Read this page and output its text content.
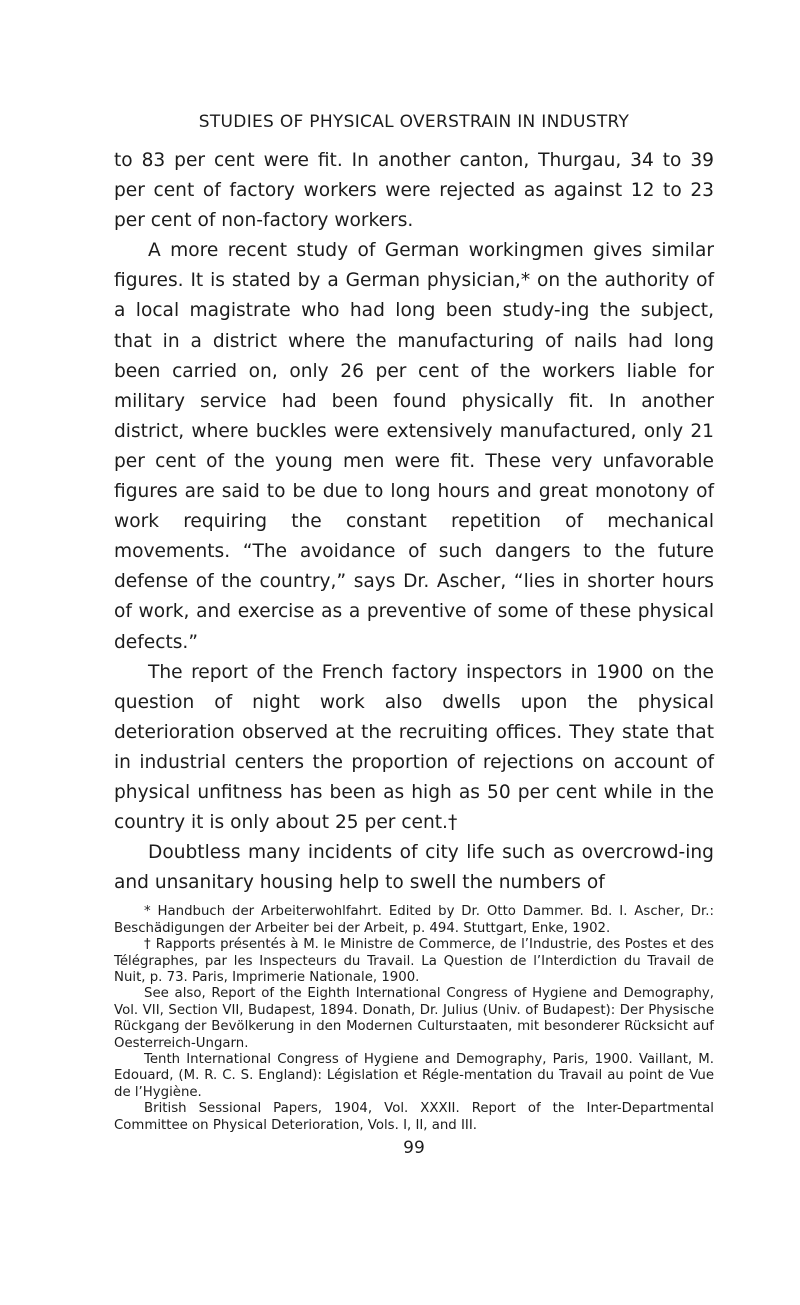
STUDIES OF PHYSICAL OVERSTRAIN IN INDUSTRY

to 83 per cent were fit. In another canton, Thurgau, 34 to 39 per cent of factory workers were rejected as against 12 to 23 per cent of non-factory workers.

A more recent study of German workingmen gives similar figures. It is stated by a German physician,* on the authority of a local magistrate who had long been study-ing the subject, that in a district where the manufacturing of nails had long been carried on, only 26 per cent of the workers liable for military service had been found physically fit. In another district, where buckles were extensively manufactured, only 21 per cent of the young men were fit. These very unfavorable figures are said to be due to long hours and great monotony of work requiring the constant repetition of mechanical movements. “The avoidance of such dangers to the future defense of the country,” says Dr. Ascher, “lies in shorter hours of work, and exercise as a preventive of some of these physical defects.”

The report of the French factory inspectors in 1900 on the question of night work also dwells upon the physical deterioration observed at the recruiting offices. They state that in industrial centers the proportion of rejections on account of physical unfitness has been as high as 50 per cent while in the country it is only about 25 per cent.†

Doubtless many incidents of city life such as overcrowd-ing and unsanitary housing help to swell the numbers of

* Handbuch der Arbeiterwohlfahrt. Edited by Dr. Otto Dammer. Bd. I. Ascher, Dr.: Beschädigungen der Arbeiter bei der Arbeit, p. 494. Stuttgart, Enke, 1902.

† Rapports présentés à M. le Ministre de Commerce, de l’Industrie, des Postes et des Télégraphes, par les Inspecteurs du Travail. La Question de l’Interdiction du Travail de Nuit, p. 73. Paris, Imprimerie Nationale, 1900.

See also, Report of the Eighth International Congress of Hygiene and Demography, Vol. VII, Section VII, Budapest, 1894. Donath, Dr. Julius (Univ. of Budapest): Der Physische Rückgang der Bevölkerung in den Modernen Culturstaaten, mit besonderer Rücksicht auf Oesterreich-Ungarn.

Tenth International Congress of Hygiene and Demography, Paris, 1900. Vaillant, M. Edouard, (M. R. C. S. England): Législation et Régle-mentation du Travail au point de Vue de l’Hygiène.

British Sessional Papers, 1904, Vol. XXXII. Report of the Inter-Departmental Committee on Physical Deterioration, Vols. I, II, and III.

99
